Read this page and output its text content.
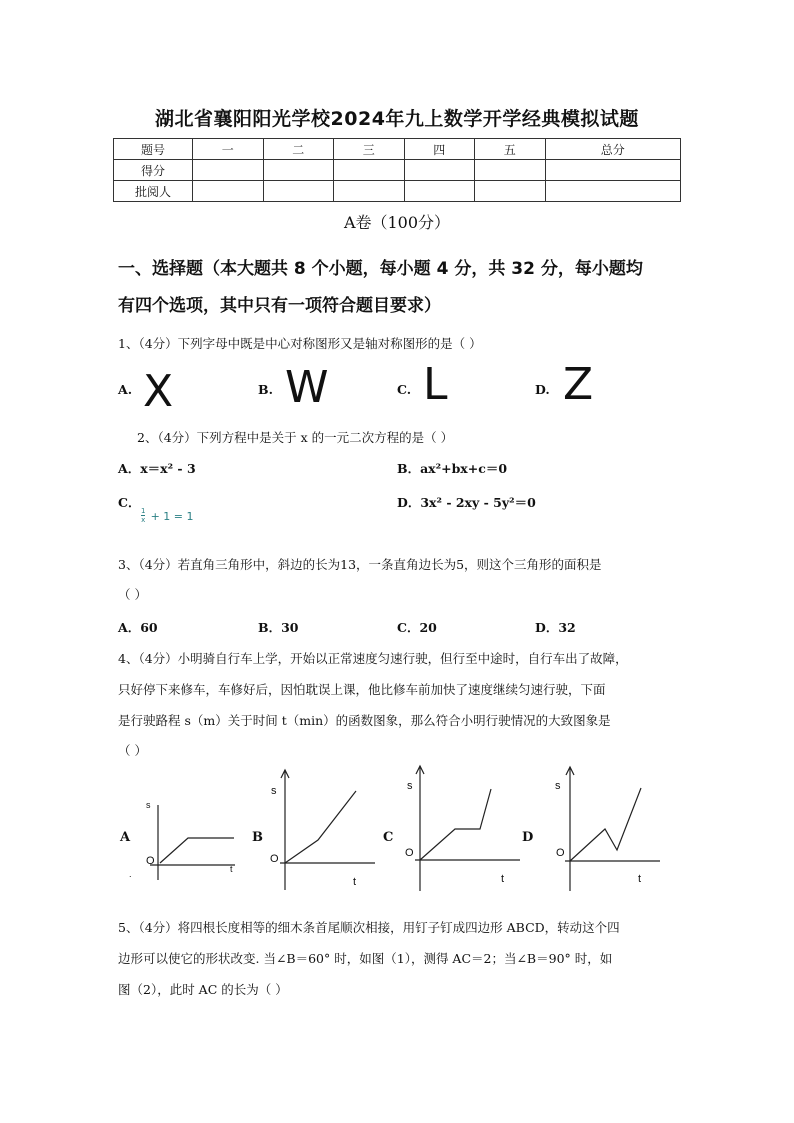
湖北省襄阳阳光学校2024年九上数学开学经典模拟试题
题号	一	二	三	四	五	总分
得分						
批阅人						
A卷（100分）
一、选择题（本大题共 8 个小题，每小题 4 分，共 32 分，每小题均
有四个选项，其中只有一项符合题目要求）
1、（4分）下列字母中既是中心对称图形又是轴对称图形的是（ ）
A. X	B. W	C. L	D. Z
2、（4分）下列方程中是关于 x 的一元二次方程的是（ ）
A．x＝x² - 3	B．ax²+bx+c＝0
C．
$\frac{1}{x} + 1 = 1$
D．3x² - 2xy - 5y²＝0
3、（4分）若直角三角形中，斜边的长为13，一条直角边长为5，则这个三角形的面积是
（ ）
A．60	B．30	C．20	D．32
4、（4分）小明骑自行车上学，开始以正常速度匀速行驶，但行至中途时，自行车出了故障，
只好停下来修车，车修好后，因怕耽误上课，他比修车前加快了速度继续匀速行驶，下面
是行驶路程 s（m）关于时间 t（min）的函数图象，那么符合小明行驶情况的大致图象是
（ ）
A
O
s
t
.
B
O
s
t
C
O
s
t
D
O
s
t
5、（4分）将四根长度相等的细木条首尾顺次相接，用钉子钉成四边形 ABCD，转动这个四
边形可以使它的形状改变. 当∠B＝60° 时，如图（1），测得 AC＝2；当∠B＝90° 时，如
图（2），此时 AC 的长为（ ）
